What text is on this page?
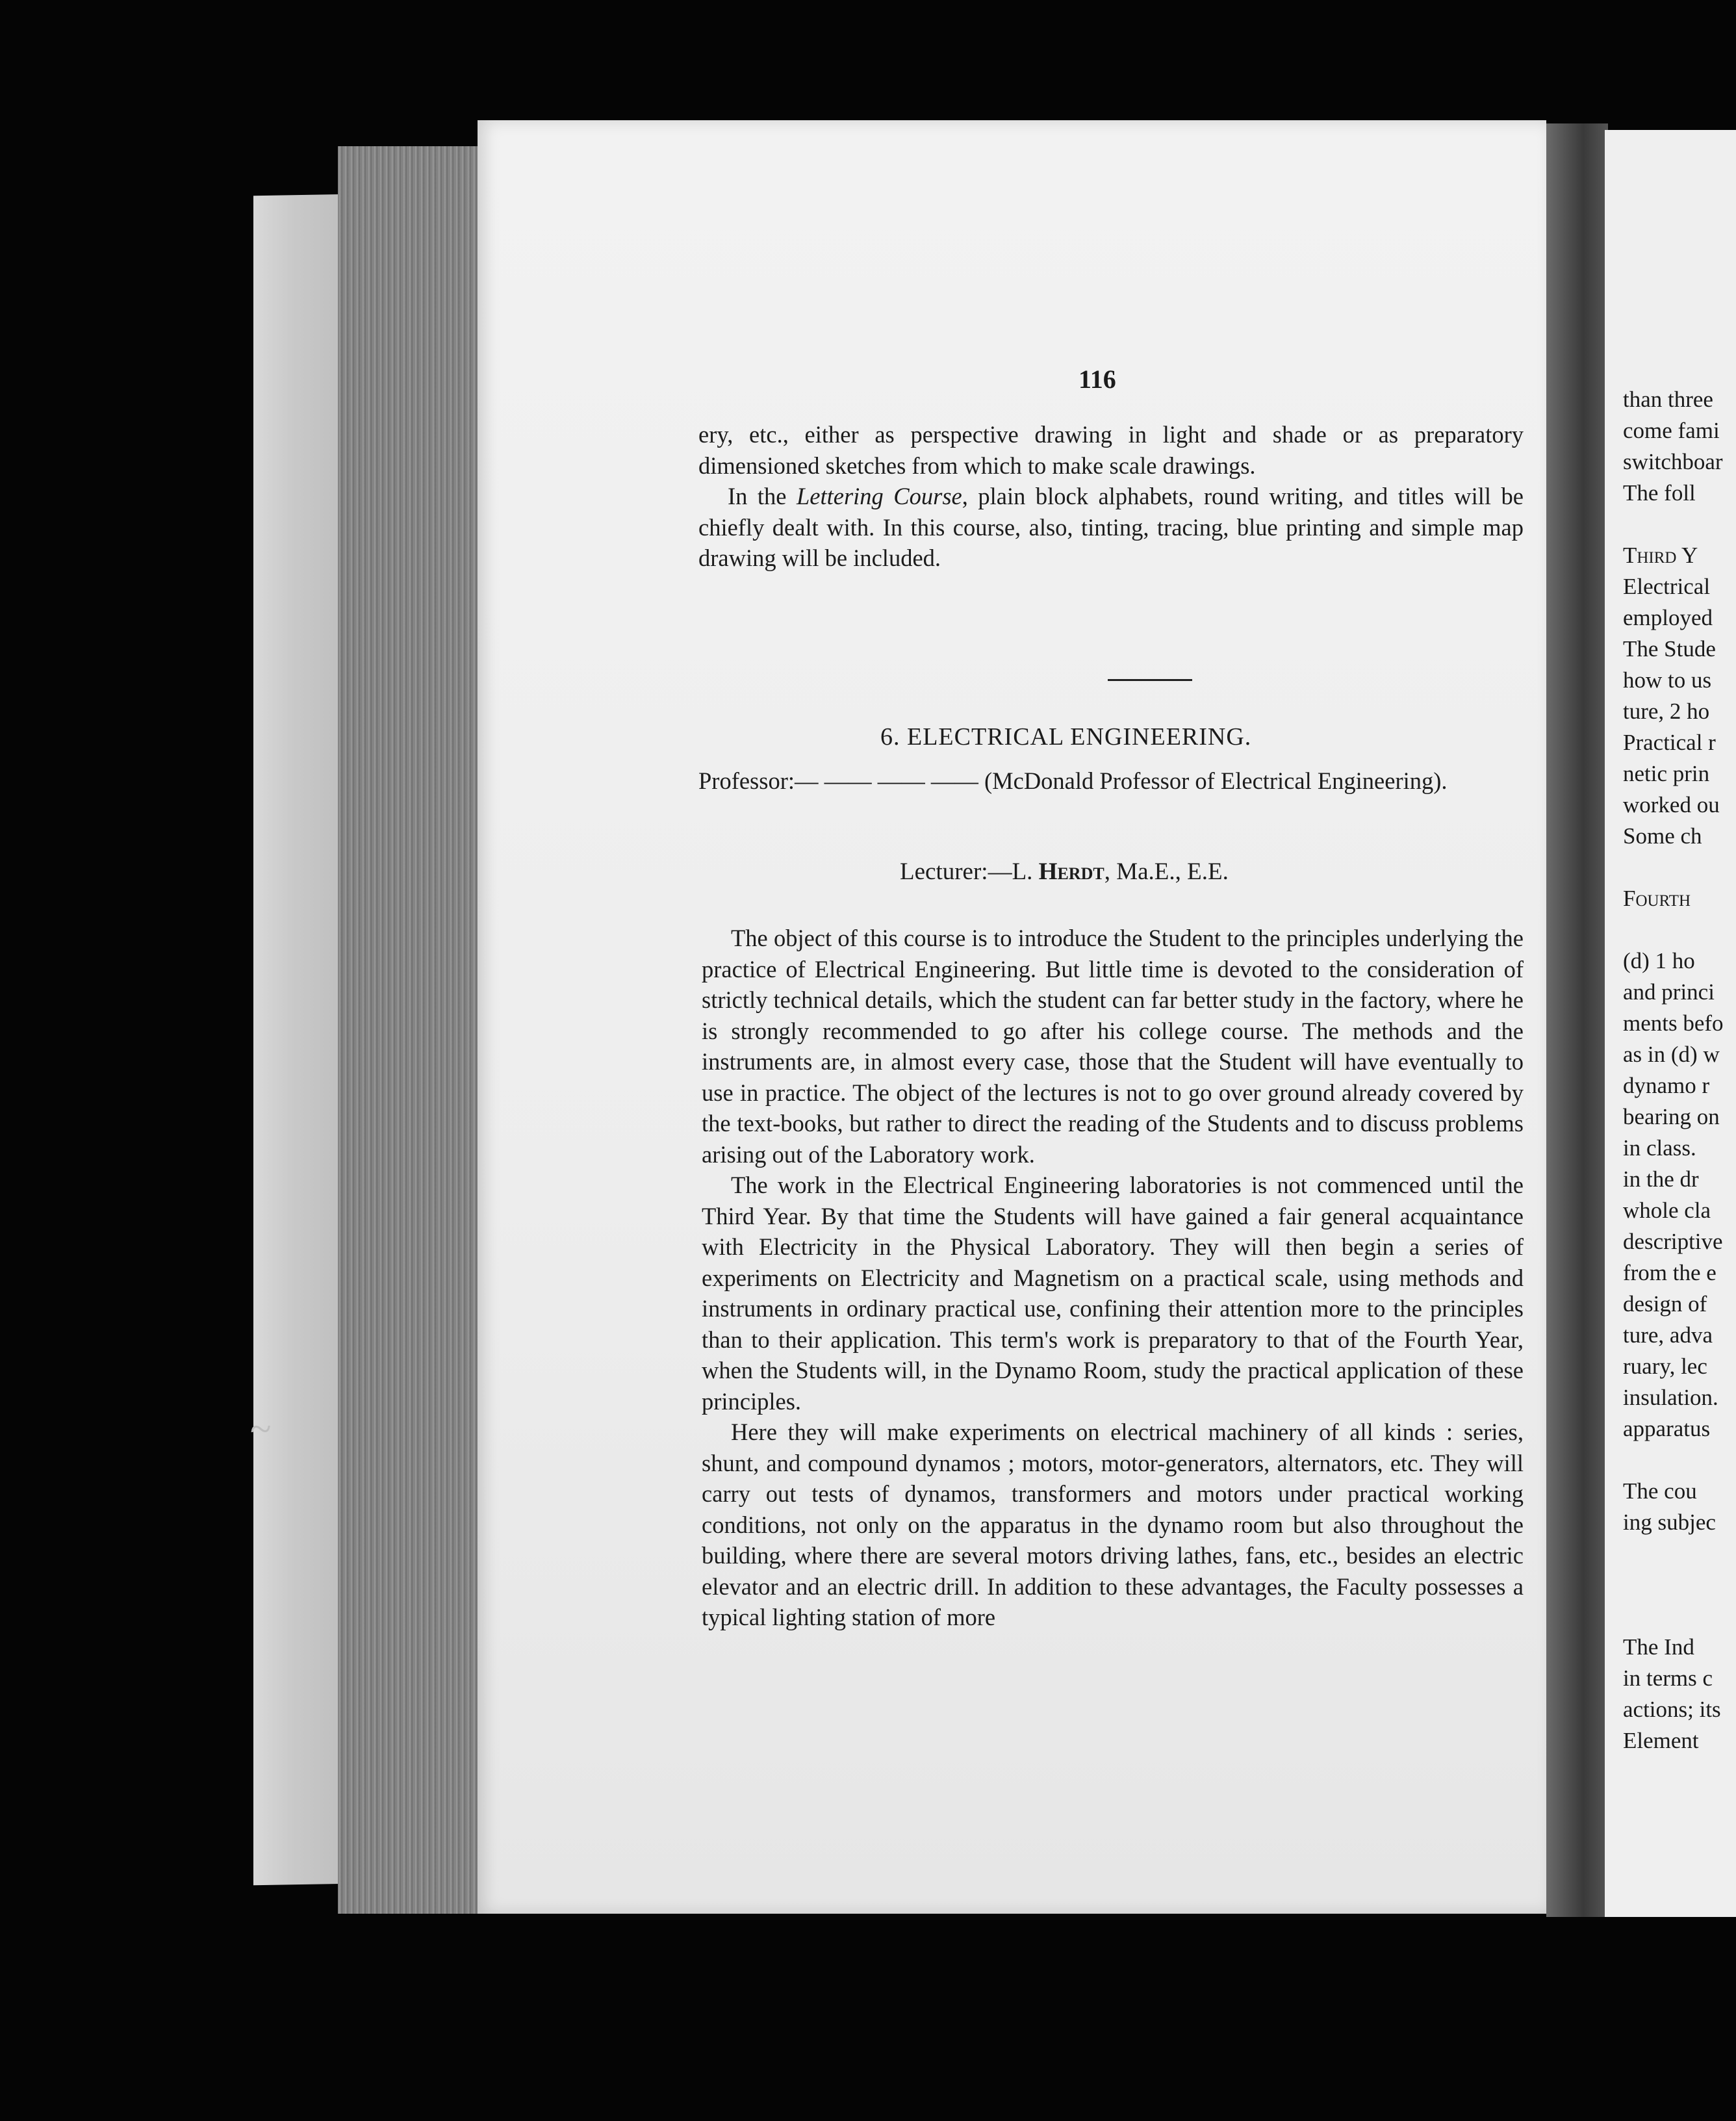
116

ery, etc., either as perspective drawing in light and shade or as preparatory dimensioned sketches from which to make scale drawings.

In the Lettering Course, plain block alphabets, round writing, and titles will be chiefly dealt with. In this course, also, tinting, tracing, blue printing and simple map drawing will be included.

6. ELECTRICAL ENGINEERING.
Professor:— —— —— —— (McDonald Professor of Electrical Engineering).
Lecturer:—L. Herdt, Ma.E., E.E.

The object of this course is to introduce the Student to the principles underlying the practice of Electrical Engineering. But little time is devoted to the consideration of strictly technical details, which the student can far better study in the factory, where he is strongly recommended to go after his college course. The methods and the instruments are, in almost every case, those that the Student will have eventually to use in practice. The object of the lectures is not to go over ground already covered by the text-books, but rather to direct the reading of the Students and to discuss problems arising out of the Laboratory work.

The work in the Electrical Engineering laboratories is not commenced until the Third Year. By that time the Students will have gained a fair general acquaintance with Electricity in the Physical Laboratory. They will then begin a series of experiments on Electricity and Magnetism on a practical scale, using methods and instruments in ordinary practical use, confining their attention more to the principles than to their application. This term's work is preparatory to that of the Fourth Year, when the Students will, in the Dynamo Room, study the practical application of these principles.

Here they will make experiments on electrical machinery of all kinds : series, shunt, and compound dynamos ; motors, motor-generators, alternators, etc. They will carry out tests of dynamos, transformers and motors under practical working conditions, not only on the apparatus in the dynamo room but also throughout the building, where there are several motors driving lathes, fans, etc., besides an electric elevator and an electric drill. In addition to these advantages, the Faculty possesses a typical lighting station of more

than three
come fami
switchboar
The foll
Third Y
Electrical
employed
The Stude
how to us
ture, 2 ho
Practical r
netic prin
worked ou
Some ch
Fourth
(d) 1 ho
and princi
ments befo
as in (d) w
dynamo r
bearing on
in class.
in the dr
whole cla
descriptive
from the e
design of
ture, adva
ruary, lec
insulation.
apparatus
The cou
ing subjec
The Ind
in terms c
actions; its
Element
~
